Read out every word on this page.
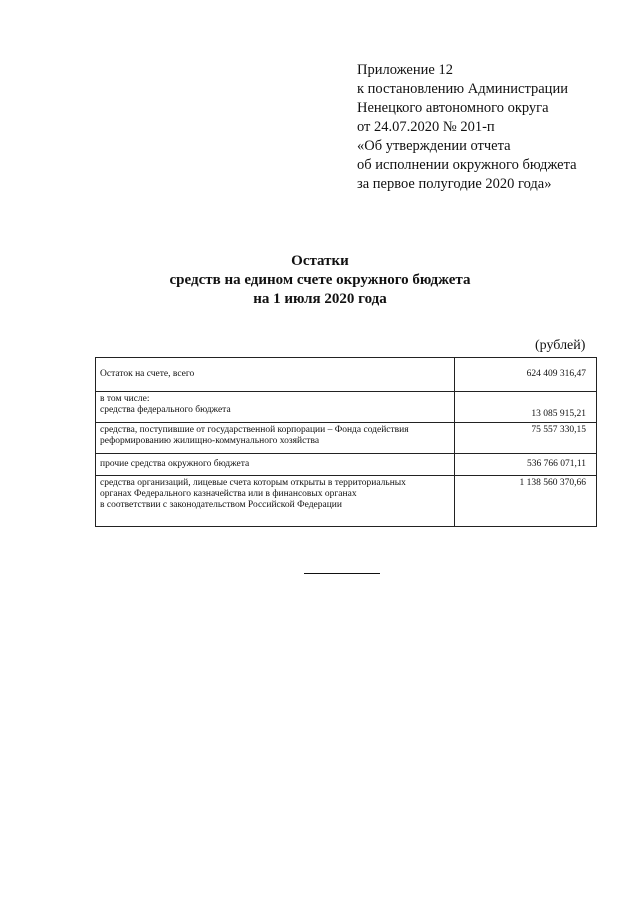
Приложение 12
к постановлению Администрации
Ненецкого автономного округа
от 24.07.2020 № 201-п
«Об утверждении отчета
об исполнении окружного бюджета
за первое полугодие 2020 года»
Остатки
средств на едином счете окружного бюджета
на 1 июля 2020 года
(рублей)
Остаток на счете, всего	624 409 316,47

в том числе:
средства федерального бюджета	13 085 915,21

средства, поступившие от государственной корпорации – Фонда содействия
реформированию жилищно-коммунального хозяйства	75 557 330,15

прочие средства окружного бюджета	536 766 071,11

средства организаций, лицевые счета которым открыты в территориальных
органах Федерального казначейства или в финансовых органах
в соответствии с законодательством Российской Федерации	1 138 560 370,66
